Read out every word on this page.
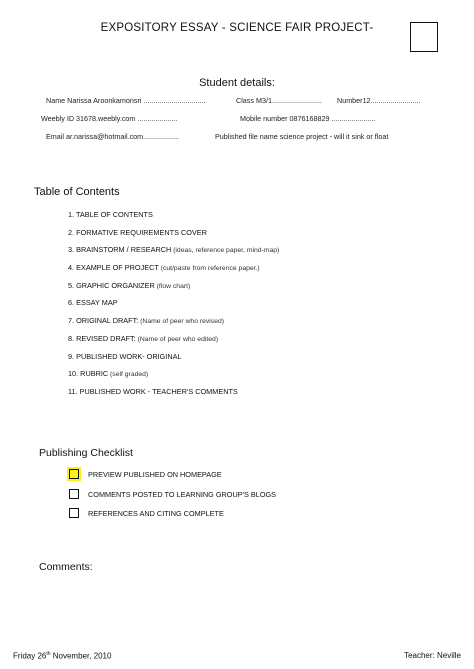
EXPOSITORY ESSAY - SCIENCE FAIR PROJECT-
Student details:
Name Narissa Aroonkamonsri ...............................	Class M3/1......................... Number12.........................
Weebly ID 31678.weebly.com ....................	Mobile number 0876168829 ......................
Email ar.narissa@hotmail.com..................	Published file name science project - will it sink or float
Table of Contents
1. TABLE OF CONTENTS
2. FORMATIVE REQUIREMENTS COVER
3. BRAINSTORM / RESEARCH (ideas, reference paper, mind-map)
4. EXAMPLE OF PROJECT (cut/paste from reference paper.)
5. GRAPHIC ORGANIZER (flow chart)
6. ESSAY MAP
7. ORIGINAL DRAFT: (Name of peer who revised)
8. REVISED DRAFT: (Name of peer who edited)
9. PUBLISHED WORK- ORIGINAL
10. RUBRIC (self graded)
11. PUBLISHED WORK - TEACHER'S COMMENTS
Publishing Checklist
PREVIEW PUBLISHED ON HOMEPAGE
COMMENTS POSTED TO LEARNING GROUP'S BLOGS
REFERENCES AND CITING COMPLETE
Comments:
Friday 26th November, 2010	Teacher: Neville
